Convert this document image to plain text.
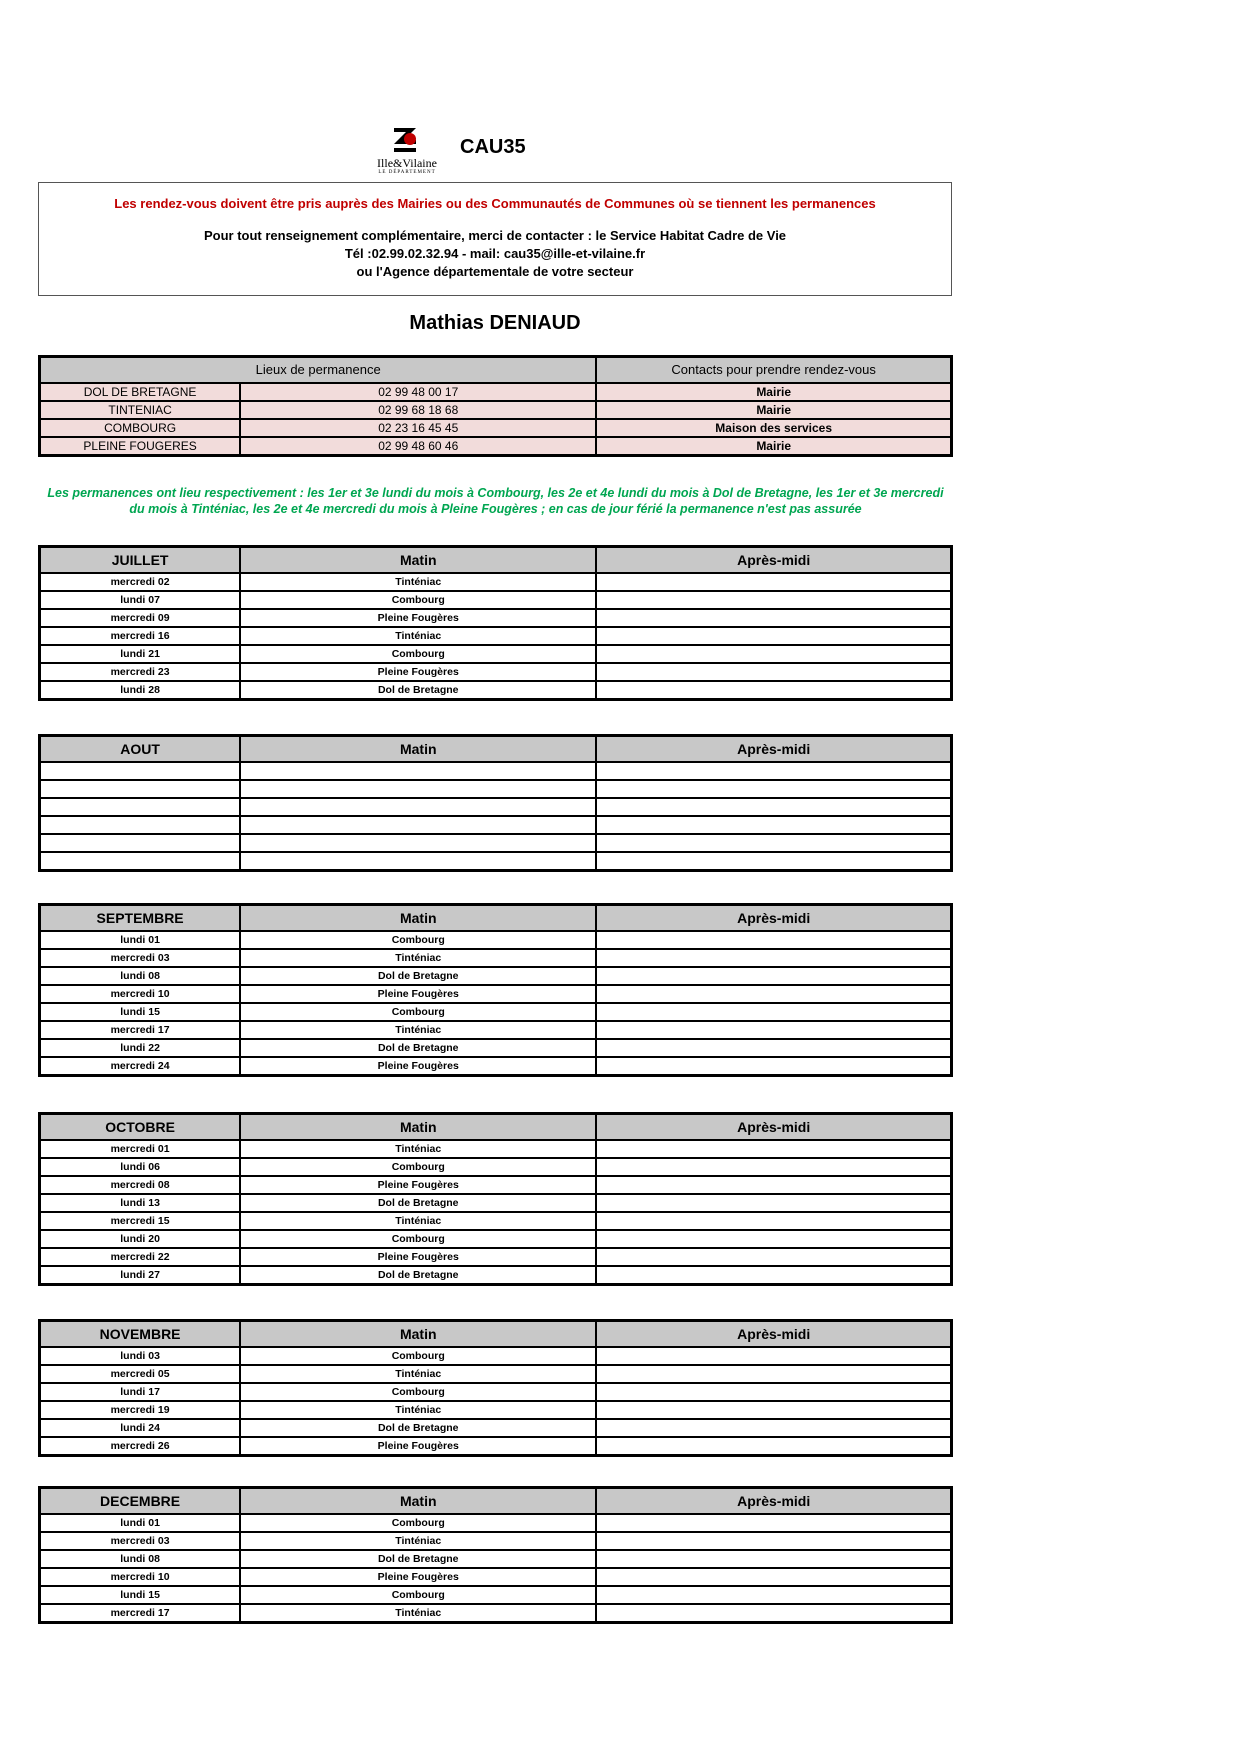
Ille&Vilaine
LE DÉPARTEMENT
CAU35
Les rendez-vous doivent être pris auprès des Mairies ou des Communautés de Communes où se tiennent les permanences
Pour tout renseignement complémentaire, merci de contacter : le Service Habitat Cadre de Vie
Tél :02.99.02.32.94 - mail: cau35@ille-et-vilaine.fr
ou l'Agence départementale de votre secteur
Mathias DENIAUD
Lieux de permanence		Contacts pour prendre rendez-vous
DOL DE BRETAGNE	02 99 48 00 17	Mairie
TINTENIAC	02 99 68 18 68	Mairie
COMBOURG	02 23 16 45 45	Maison des services
PLEINE FOUGERES	02 99 48 60 46	Mairie
Les permanences ont lieu respectivement : les 1er et 3e lundi du mois à Combourg, les 2e et 4e lundi du mois à Dol de Bretagne, les 1er et 3e mercredi
du mois à Tinténiac, les 2e et 4e mercredi du mois à Pleine Fougères ; en cas de jour férié la permanence n'est pas assurée
JUILLET	Matin	Après-midi
mercredi 02	Tinténiac	
lundi 07	Combourg	
mercredi 09	Pleine Fougères	
mercredi 16	Tinténiac	
lundi 21	Combourg	
mercredi 23	Pleine Fougères	
lundi 28	Dol de Bretagne	
AOUT	Matin	Après-midi

SEPTEMBRE	Matin	Après-midi
lundi 01	Combourg	
mercredi 03	Tinténiac	
lundi 08	Dol de Bretagne	
mercredi 10	Pleine Fougères	
lundi 15	Combourg	
mercredi 17	Tinténiac	
lundi 22	Dol de Bretagne	
mercredi 24	Pleine Fougères	
OCTOBRE	Matin	Après-midi
mercredi 01	Tinténiac	
lundi 06	Combourg	
mercredi 08	Pleine Fougères	
lundi 13	Dol de Bretagne	
mercredi 15	Tinténiac	
lundi 20	Combourg	
mercredi 22	Pleine Fougères	
lundi 27	Dol de Bretagne	
NOVEMBRE	Matin	Après-midi
lundi 03	Combourg	
mercredi 05	Tinténiac	
lundi 17	Combourg	
mercredi 19	Tinténiac	
lundi 24	Dol de Bretagne	
mercredi 26	Pleine Fougères	
DECEMBRE	Matin	Après-midi
lundi 01	Combourg	
mercredi 03	Tinténiac	
lundi 08	Dol de Bretagne	
mercredi 10	Pleine Fougères	
lundi 15	Combourg	
mercredi 17	Tinténiac	
